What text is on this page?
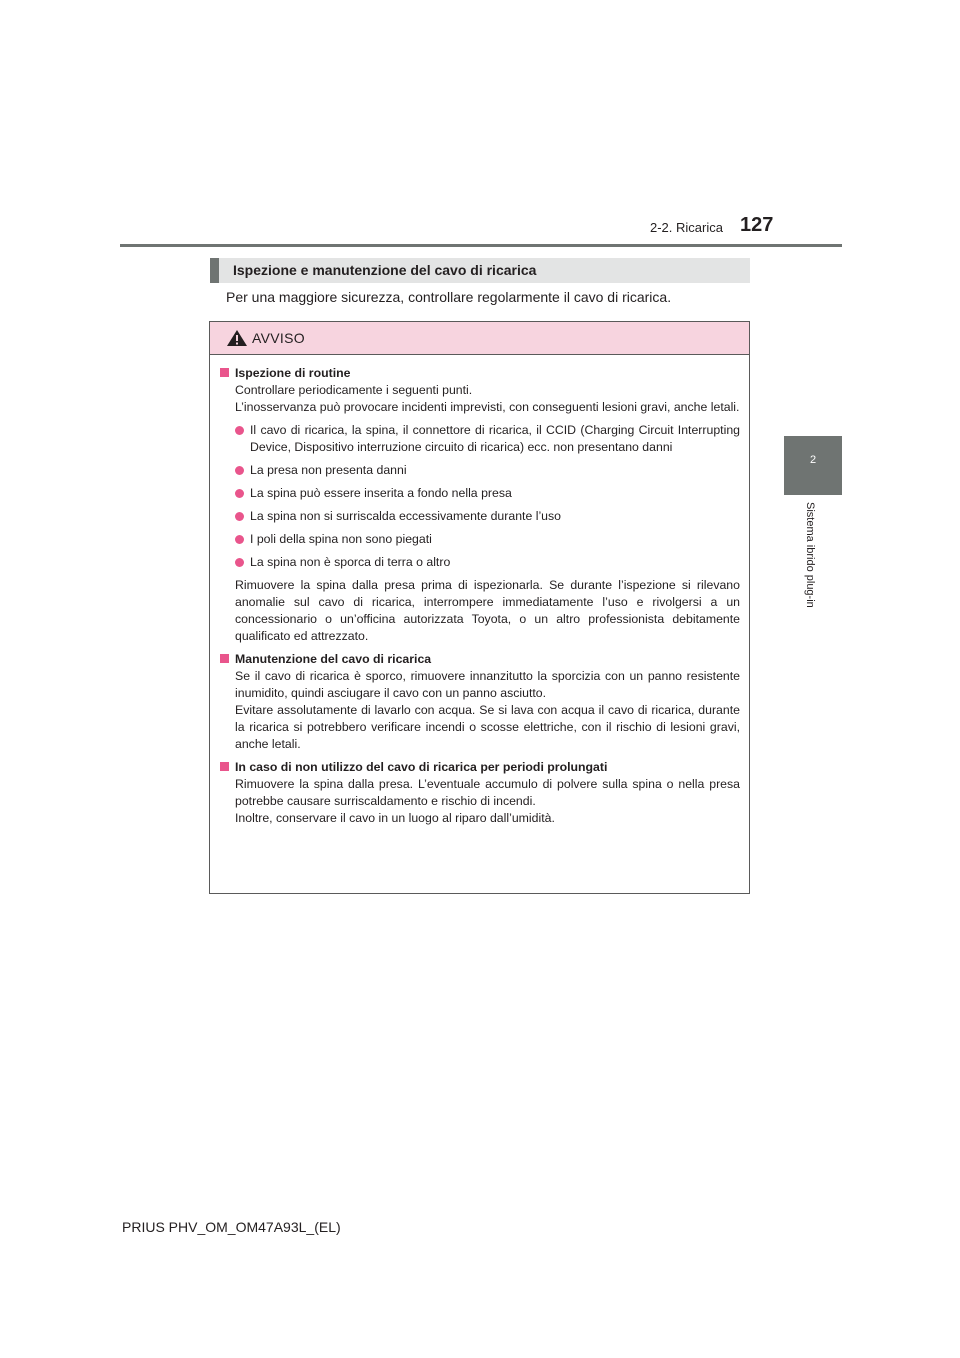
2-2. Ricarica 127
2
Sistema ibrido plug-in
Ispezione e manutenzione del cavo di ricarica
Per una maggiore sicurezza, controllare regolarmente il cavo di ricarica.
AVVISO
Ispezione di routine
Controllare periodicamente i seguenti punti.
L’inosservanza può provocare incidenti imprevisti, con conseguenti lesioni gravi, anche letali.
Il cavo di ricarica, la spina, il connettore di ricarica, il CCID (Charging Circuit Interrupting Device, Dispositivo interruzione circuito di ricarica) ecc. non presentano danni
La presa non presenta danni
La spina può essere inserita a fondo nella presa
La spina non si surriscalda eccessivamente durante l’uso
I poli della spina non sono piegati
La spina non è sporca di terra o altro
Rimuovere la spina dalla presa prima di ispezionarla. Se durante l’ispezione si rilevano anomalie sul cavo di ricarica, interrompere immediatamente l’uso e rivolgersi a un concessionario o un’officina autorizzata Toyota, o un altro professionista debitamente qualificato ed attrezzato.
Manutenzione del cavo di ricarica
Se il cavo di ricarica è sporco, rimuovere innanzitutto la sporcizia con un panno resistente inumidito, quindi asciugare il cavo con un panno asciutto.
Evitare assolutamente di lavarlo con acqua. Se si lava con acqua il cavo di ricarica, durante la ricarica si potrebbero verificare incendi o scosse elettriche, con il rischio di lesioni gravi, anche letali.
In caso di non utilizzo del cavo di ricarica per periodi prolungati
Rimuovere la spina dalla presa. L’eventuale accumulo di polvere sulla spina o nella presa potrebbe causare surriscaldamento e rischio di incendi.
Inoltre, conservare il cavo in un luogo al riparo dall’umidità.
PRIUS PHV_OM_OM47A93L_(EL)
